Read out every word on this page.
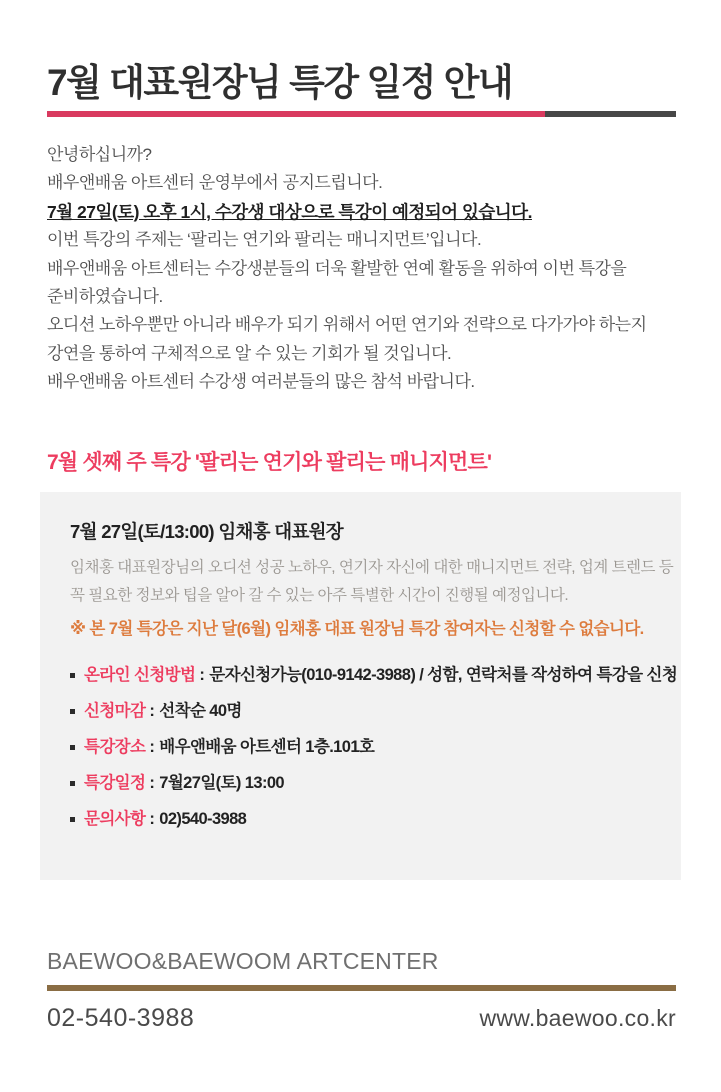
7월 대표원장님 특강 일정 안내

안녕하십니까?

배우앤배움 아트센터 운영부에서 공지드립니다.

7월 27일(토) 오후 1시, 수강생 대상으로 특강이 예정되어 있습니다.

이번 특강의 주제는 ‘팔리는 연기와 팔리는 매니지먼트’입니다.

배우앤배움 아트센터는 수강생분들의 더욱 활발한 연예 활동을 위하여 이번 특강을

준비하였습니다.

오디션 노하우뿐만 아니라 배우가 되기 위해서 어떤 연기와 전략으로 다가가야 하는지

강연을 통하여 구체적으로 알 수 있는 기회가 될 것입니다.

배우앤배움 아트센터 수강생 여러분들의 많은 참석 바랍니다.

7월 셋째 주 특강 '팔리는 연기와 팔리는 매니지먼트'
7월 27일(토/13:00) 임채홍 대표원장

임채홍 대표원장님의 오디션 성공 노하우, 연기자 자신에 대한 매니지먼트 전략, 업계 트렌드 등

꼭 필요한 정보와 팁을 알아 갈 수 있는 아주 특별한 시간이 진행될 예정입니다.

※ 본 7월 특강은 지난 달(6월) 임채홍 대표 원장님 특강 참여자는 신청할 수 없습니다.

온라인 신청방법 : 문자신청가능(010-9142-3988) / 성함, 연락처를 작성하여 특강을 신청
신청마감 : 선착순 40명
특강장소 : 배우앤배움 아트센터 1층.101호
특강일정 : 7월27일(토) 13:00
문의사항 : 02)540-3988
BAEWOO&BAEWOOM ARTCENTER
02-540-3988	www.baewoo.co.kr
